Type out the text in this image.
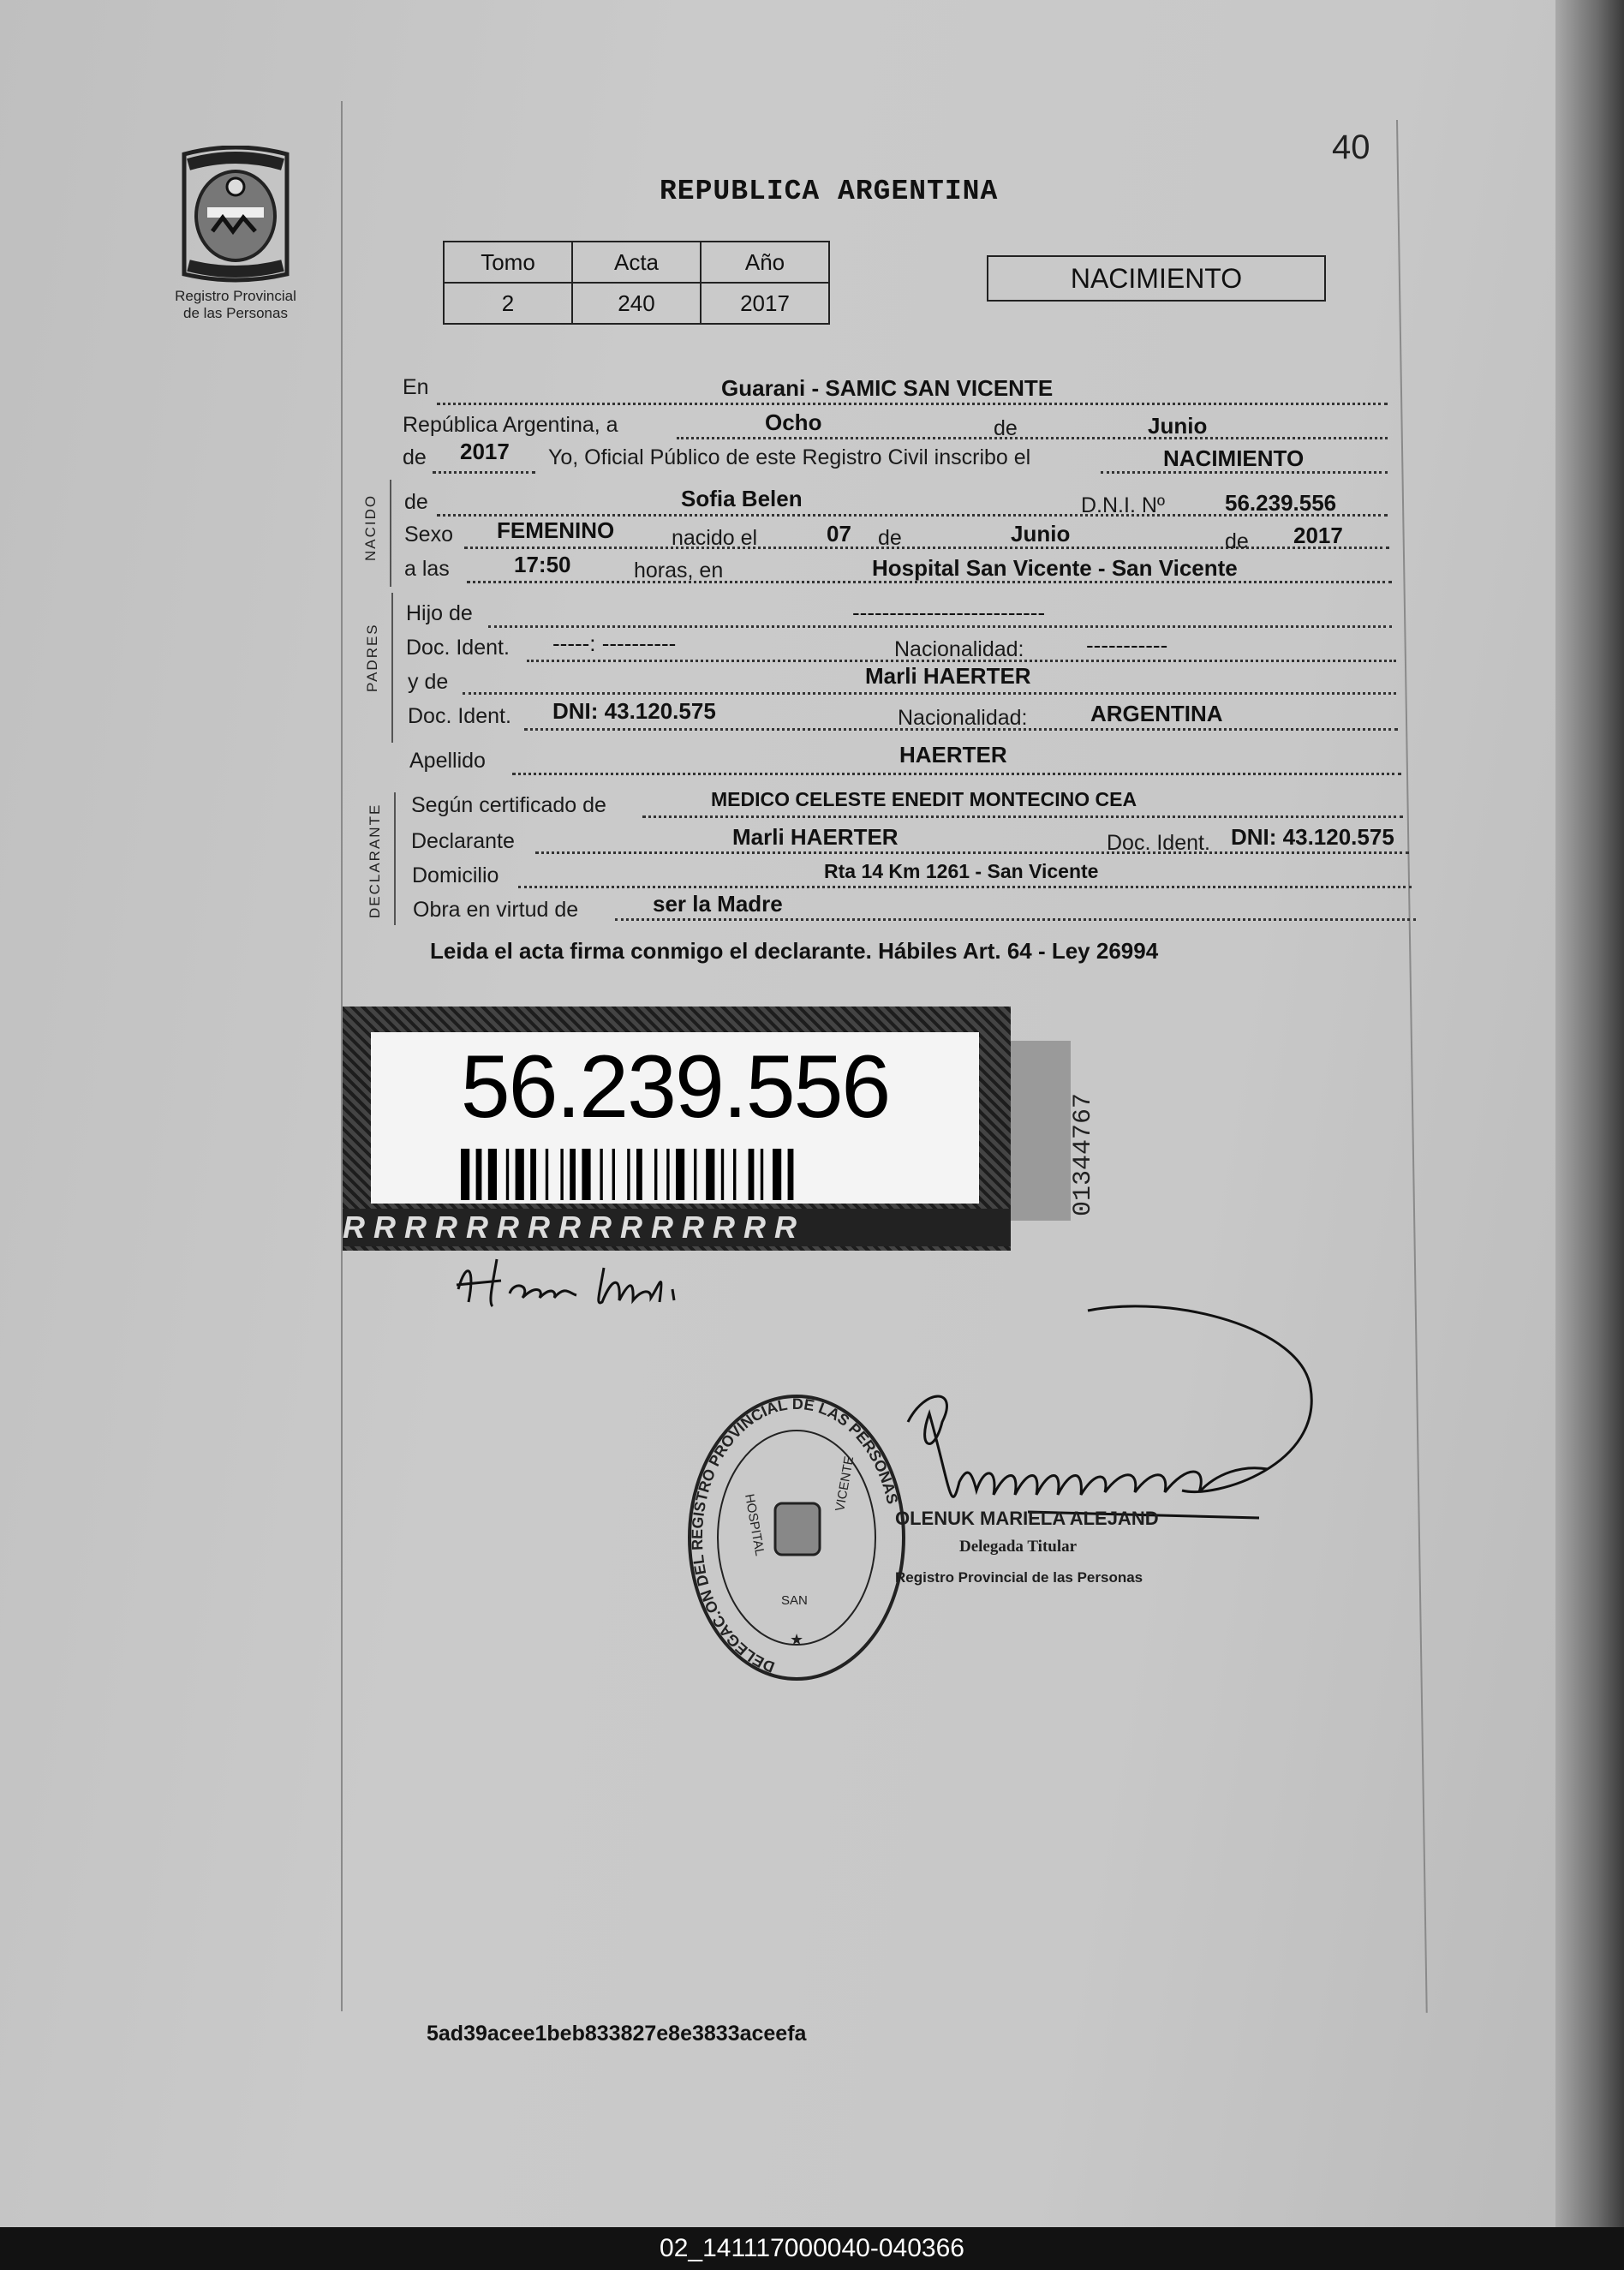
Registro Provincial
de las Personas
40
REPUBLICA ARGENTINA
Tomo	Acta	Año
2	240	2017
NACIMIENTO
En	Guarani - SAMIC SAN VICENTE
República Argentina, a	Ocho	de	Junio
de 2017 Yo, Oficial Público de este Registro Civil inscribo el	NACIMIENTO
NACIDO de	Sofia Belen	D.N.I. Nº	56.239.556
Sexo FEMENINO	nacido el	07 de	Junio	de 2017
a las	17:50	horas, en	Hospital San Vicente - San Vicente
PADRES
Hijo de	--------------------------
Doc. Ident. -----: ----------	Nacionalidad:	-----------
y de	Marli HAERTER
Doc. Ident. DNI: 43.120.575	Nacionalidad:	ARGENTINA
Apellido	HAERTER
DECLARANTE Según certificado de	MEDICO CELESTE ENEDIT MONTECINO CEA
Declarante	Marli HAERTER	Doc. Ident. DNI: 43.120.575
Domicilio	Rta 14 Km 1261 - San Vicente
Obra en virtud de	ser la Madre
Leida el acta firma conmigo el declarante. Hábiles Art. 64 - Ley 26994
56.239.556
RRRRRRRRRRRRRRR
01344767
DELEGAC.ON DEL REGISTRO PROVINCIAL DE LAS PERSONAS
HOSPITAL
VICENTE
SAN
★
OLENUK MARIELA ALEJAND
Delegada Titular
Registro Provincial de las Personas
5ad39acee1beb833827e8e3833aceefa
02_141117000040-040366
